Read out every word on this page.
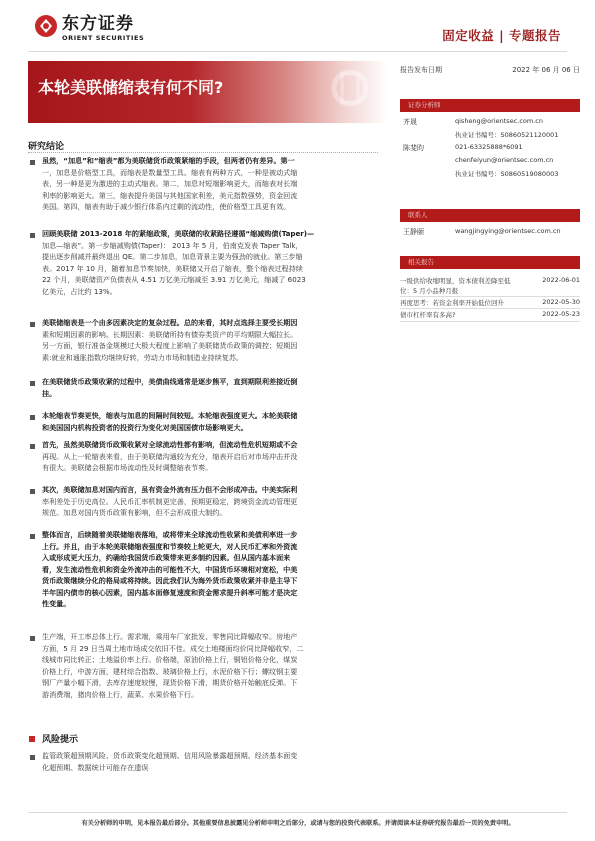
东方证券
ORIENT SECURITIES	固定收益 | 专题报告
本轮美联储缩表有何不同?
报告发布日期	2022 年 06 月 06 日
证券分析师
齐晟	qisheng@orientsec.com.cn
执业证书编号：S0860521120001
陈斐昀	021-63325888*6091
chenfeiyun@orientsec.com.cn
执业证书编号：S0860519080003
联系人
王静颐	wangjingying@orientsec.com.cn
相关报告
一级供给收缩明显，资本债利差降至低位：5 月小品种月报
2022-06-01
再度思考：若资金利率开始低位回升	2022-05-30
债市杠杆率有多高?	2022-05-23
研究结论
虽然，“加息”和“缩表”都为美联储货币政策紧缩的手段，但两者仍有差异。第一
一，加息是价格型工具，而缩表是数量型工具。缩表有两种方式，一种是被动式缩
表，另一种是更为激进的主动式缩表。第二，加息对短端影响更大，而缩表对长端
利率的影响更大。第三，缩表提升美国与其他国家利差，美元指数强势，资金回流
美国。第四，缩表有助于减少银行体系内过剩的流动性，使价格型工具更有效。
回顾美联储 2013-2018 年的紧缩政策，美联储的收紧路径遵循“缩减购债(Taper)—
加息—缩表”。第一步缩减购债(Taper)： 2013 年 5 月，伯南克发表 Taper Talk，
提出逐步削减并最终退出 QE。第二步加息，加息背景主要为强劲的就业。第三步缩
表。2017 年 10 月，随着加息节奏加快，美联储又开启了缩表，整个缩表过程持续
22 个月，美联储资产负债表从 4.51 万亿美元缩减至 3.91 万亿美元，缩减了 6023
亿美元，占比约 13%。
美联储缩表是一个由多因素决定的复杂过程。总的来看，其时点选择主要受长期因
素和短期因素的影响。长期因素：美联储所持有债券类资产的平均期限大幅拉长。
另一方面，银行准备金规模过大极大程度上影响了美联储货币政策的调控；短期因
素:就业和通胀指数均继续好转，劳动力市场和制造业持续复苏。
在美联储货币政策收紧的过程中，美债曲线通常是逐步熊平，直到期限利差接近倒
挂。
本轮缩表节奏更快，缩表与加息的间隔时间较短。本轮缩表强度更大。本轮美联储
和美国国内机构投资者的投资行为变化对美国国债市场影响更大。
首先，虽然美联储货币政策收紧对全球流动性都有影响，但流动性危机短期或不会
再现。从上一轮缩表来看，由于美联储沟通较为充分，缩表开启后对市场冲击并没
有很大。美联储会根据市场流动性及时调整缩表节奏。
其次，美联储加息对国内而言，虽有资金外流有压力但不会形成冲击。中美实际利
率利差处于历史高位。人民币汇率机制更完善，预期更稳定，跨境资金流动管理更
规范。加息对国内货币政策有影响，但不会形成很大制约。
整体而言，后续随着美联储缩表落地，或将带来全球流动性收紧和美债利率进一步
上行。并且，由于本轮美联储缩表强度和节奏较上轮更大，对人民币汇率和外资流
入或形成更大压力，约确给我国货币政策带来更多制约因素。但从国内基本面来
看，发生流动性危机和资金外流冲击的可能性不大，中国货币环境相对宽松，中美
货币政策继续分化的格局或将持续。因此我们认为海外货币政策收紧并非是主导下
半年国内债市的核心因素，国内基本面修复速度和资金需求提升斜率可能才是决定
性变量。
生产端，开工率总体上行。需求端，乘用车厂家批发、零售同比降幅收窄。房地产
方面，5 月 29 日当周土地市场成交依旧不佳。成交土地楼面均价同比降幅收窄，二
线城市同比转正；土地溢价率上行。价格端，原油价格上行，铜铝价格分化，煤炭
价格上行，中游方面，建材综合指数、玻璃价格上行，水泥价格下行；螺纹钢主要
钢厂产量小幅下滑，去库存速度较慢，现货价格下滑，期货价格开始触底反弹。下
游消费端，猪肉价格上行，蔬菜、水果价格下行。
风险提示
监管政策超预期风险、货币政策变化超预期、信用风险暴露超预期、经济基本面变
化超预期、数据统计可能存在遗误
有关分析师的申明，见本报告最后部分。其他重要信息披露见分析师申明之后部分，或请与您的投资代表联系。并请阅读本证券研究报告最后一页的免责申明。
